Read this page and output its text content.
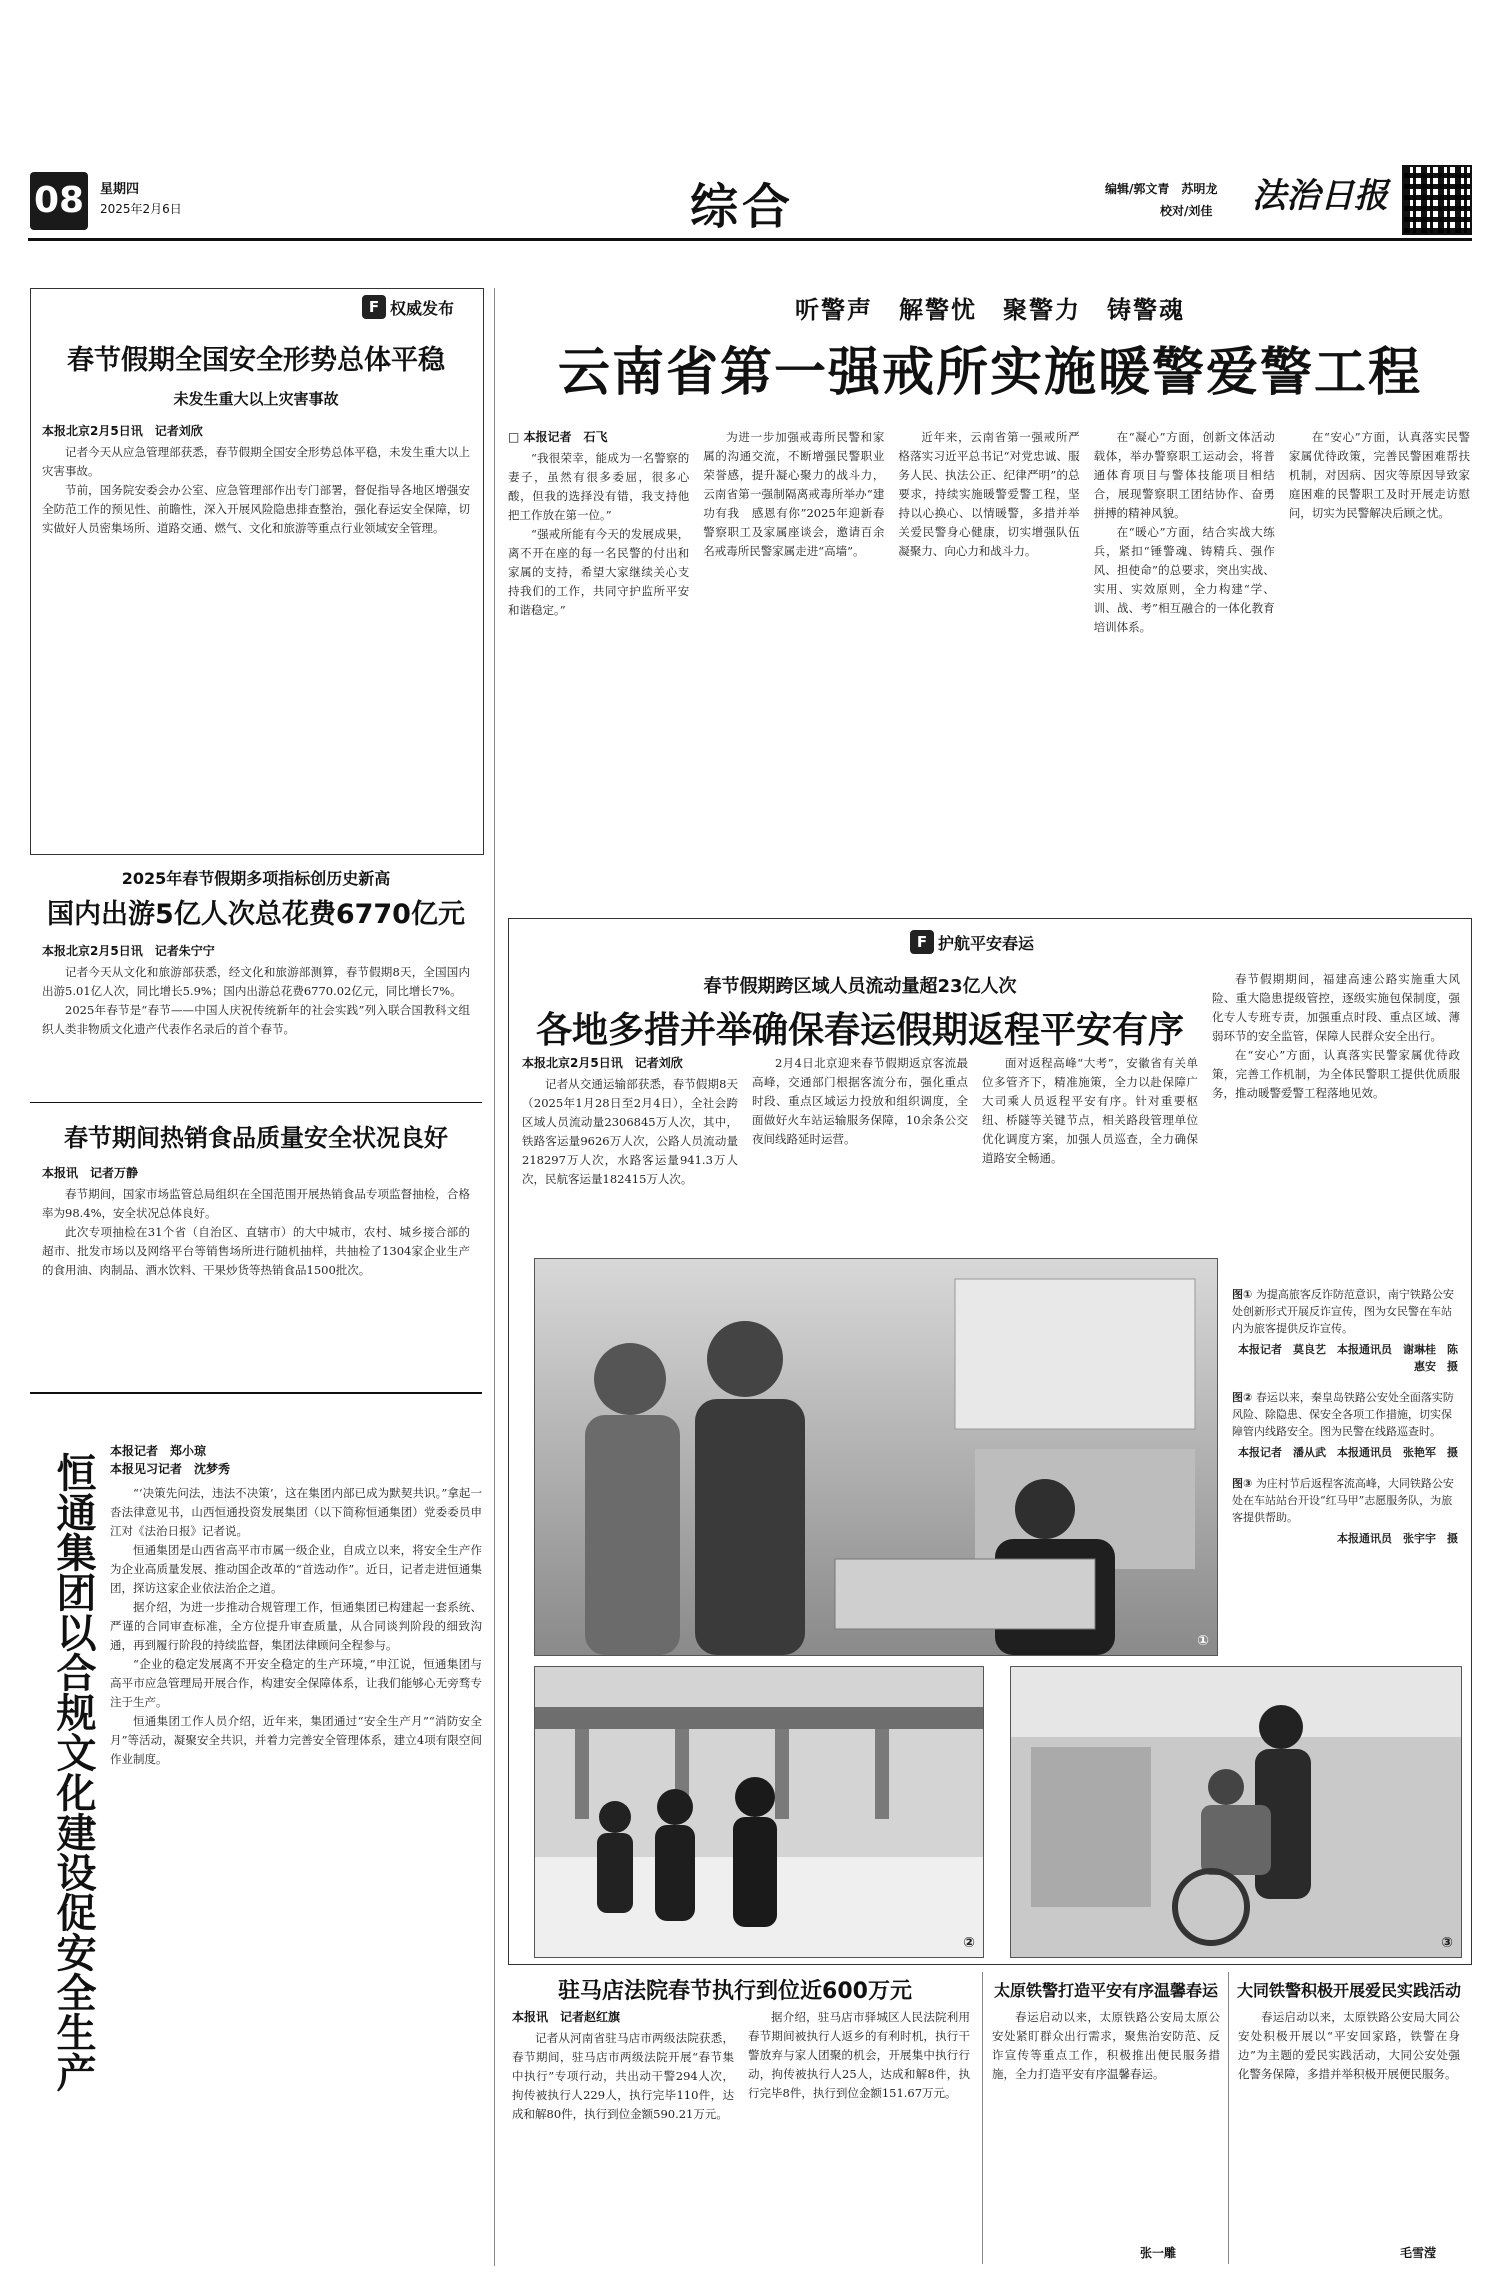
08	星期四
2025年2月6日	综合	编辑/郭文青　苏明龙
校对/刘佳 法治日报
F 权威发布
春节假期全国安全形势总体平稳
未发生重大以上灾害事故
本报北京2月5日讯　记者刘欣

记者今天从应急管理部获悉，春节假期全国安全形势总体平稳，未发生重大以上灾害事故。

节前，国务院安委会办公室、应急管理部作出专门部署，督促指导各地区增强安全防范工作的预见性、前瞻性，深入开展风险隐患排查整治，强化春运安全保障，切实做好人员密集场所、道路交通、燃气、文化和旅游等重点行业领域安全管理。

2025年春节假期多项指标创历史新高
国内出游5亿人次总花费6770亿元
本报北京2月5日讯　记者朱宁宁

记者今天从文化和旅游部获悉，经文化和旅游部测算，春节假期8天，全国国内出游5.01亿人次，同比增长5.9%；国内出游总花费6770.02亿元，同比增长7%。

2025年春节是“春节——中国人庆祝传统新年的社会实践”列入联合国教科文组织人类非物质文化遗产代表作名录后的首个春节。

春节期间热销食品质量安全状况良好
本报讯　记者万静

春节期间，国家市场监管总局组织在全国范围开展热销食品专项监督抽检，合格率为98.4%，安全状况总体良好。

此次专项抽检在31个省（自治区、直辖市）的大中城市，农村、城乡接合部的超市、批发市场以及网络平台等销售场所进行随机抽样，共抽检了1304家企业生产的食用油、肉制品、酒水饮料、干果炒货等热销食品1500批次。

恒通集团以合规文化建设促安全生产
本报记者　郑小琼
本报见习记者　沈梦秀

“‘决策先问法，违法不决策’，这在集团内部已成为默契共识。”拿起一沓法律意见书，山西恒通投资发展集团（以下简称恒通集团）党委委员申江对《法治日报》记者说。

恒通集团是山西省高平市市属一级企业，自成立以来，将安全生产作为企业高质量发展、推动国企改革的“首选动作”。近日，记者走进恒通集团，探访这家企业依法治企之道。

据介绍，为进一步推动合规管理工作，恒通集团已构建起一套系统、严谨的合同审查标准，全方位提升审查质量，从合同谈判阶段的细致沟通，再到履行阶段的持续监督，集团法律顾问全程参与。

“企业的稳定发展离不开安全稳定的生产环境，”申江说，恒通集团与高平市应急管理局开展合作，构建安全保障体系，让我们能够心无旁骛专注于生产。

恒通集团工作人员介绍，近年来，集团通过“安全生产月”“消防安全月”等活动，凝聚安全共识，并着力完善安全管理体系，建立4项有限空间作业制度。

听警声　解警忧　聚警力　铸警魂
云南省第一强戒所实施暖警爱警工程
□ 本报记者　石飞

“我很荣幸，能成为一名警察的妻子，虽然有很多委屈，很多心酸，但我的选择没有错，我支持他把工作放在第一位。”

“强戒所能有今天的发展成果，离不开在座的每一名民警的付出和家属的支持，希望大家继续关心支持我们的工作，共同守护监所平安和谐稳定。”

为进一步加强戒毒所民警和家属的沟通交流，不断增强民警职业荣誉感，提升凝心聚力的战斗力，云南省第一强制隔离戒毒所举办“建功有我　感恩有你”2025年迎新春警察职工及家属座谈会，邀请百余名戒毒所民警家属走进“高墙”。

近年来，云南省第一强戒所严格落实习近平总书记“对党忠诚、服务人民、执法公正、纪律严明”的总要求，持续实施暖警爱警工程，坚持以心换心、以情暖警，多措并举关爱民警身心健康，切实增强队伍凝聚力、向心力和战斗力。

在“凝心”方面，创新文体活动载体，举办警察职工运动会，将普通体育项目与警体技能项目相结合，展现警察职工团结协作、奋勇拼搏的精神风貌。

在“暖心”方面，结合实战大练兵，紧扣“锤警魂、铸精兵、强作风、担使命”的总要求，突出实战、实用、实效原则，全力构建“学、训、战、考”相互融合的一体化教育培训体系。

在“安心”方面，认真落实民警家属优待政策，完善民警困难帮扶机制，对因病、因灾等原因导致家庭困难的民警职工及时开展走访慰问，切实为民警解决后顾之忧。

F 护航平安春运
春节假期跨区域人员流动量超23亿人次
各地多措并举确保春运假期返程平安有序
本报北京2月5日讯　记者刘欣

记者从交通运输部获悉，春节假期8天（2025年1月28日至2月4日），全社会跨区域人员流动量2306845万人次，其中，铁路客运量9626万人次，公路人员流动量218297万人次，水路客运量941.3万人次，民航客运量182415万人次。

2月4日北京迎来春节假期返京客流最高峰，交通部门根据客流分布，强化重点时段、重点区域运力投放和组织调度，全面做好火车站运输服务保障，10余条公交夜间线路延时运营。

面对返程高峰“大考”，安徽省有关单位多管齐下，精准施策，全力以赴保障广大司乘人员返程平安有序。针对重要枢纽、桥隧等关键节点，相关路段管理单位优化调度方案，加强人员巡查，全力确保道路安全畅通。

春节假期期间，福建高速公路实施重大风险、重大隐患提级管控，逐级实施包保制度，强化专人专班专责，加强重点时段、重点区域、薄弱环节的安全监管，保障人民群众安全出行。

在“安心”方面，认真落实民警家属优待政策，完善工作机制，为全体民警职工提供优质服务，推动暖警爱警工程落地见效。

①
图① 为提高旅客反诈防范意识，南宁铁路公安处创新形式开展反诈宣传，图为女民警在车站内为旅客提供反诈宣传。
本报记者　莫良艺　本报通讯员　谢琳桂　陈惠安　摄
图② 春运以来，秦皇岛铁路公安处全面落实防风险、除隐患、保安全各项工作措施，切实保障管内线路安全。图为民警在线路巡查时。
本报记者　潘从武　本报通讯员　张艳军　摄
图③ 为庄村节后返程客流高峰，大同铁路公安处在车站站台开设“红马甲”志愿服务队，为旅客提供帮助。
本报通讯员　张宇宇　摄
②	③
驻马店法院春节执行到位近600万元
本报讯　记者赵红旗

记者从河南省驻马店市两级法院获悉，春节期间，驻马店市两级法院开展“春节集中执行”专项行动，共出动干警294人次，拘传被执行人229人，执行完毕110件，达成和解80件，执行到位金额590.21万元。

据介绍，驻马店市驿城区人民法院利用春节期间被执行人返乡的有利时机，执行干警放弃与家人团聚的机会，开展集中执行行动，拘传被执行人25人，达成和解8件，执行完毕8件，执行到位金额151.67万元。

太原铁警打造平安有序温馨春运

春运启动以来，太原铁路公安局太原公安处紧盯群众出行需求，聚焦治安防范、反诈宣传等重点工作，积极推出便民服务措施，全力打造平安有序温馨春运。

张一雕
大同铁警积极开展爱民实践活动

春运启动以来，太原铁路公安局大同公安处积极开展以“平安回家路，铁警在身边”为主题的爱民实践活动，大同公安处强化警务保障，多措并举积极开展便民服务。

毛雪滢
